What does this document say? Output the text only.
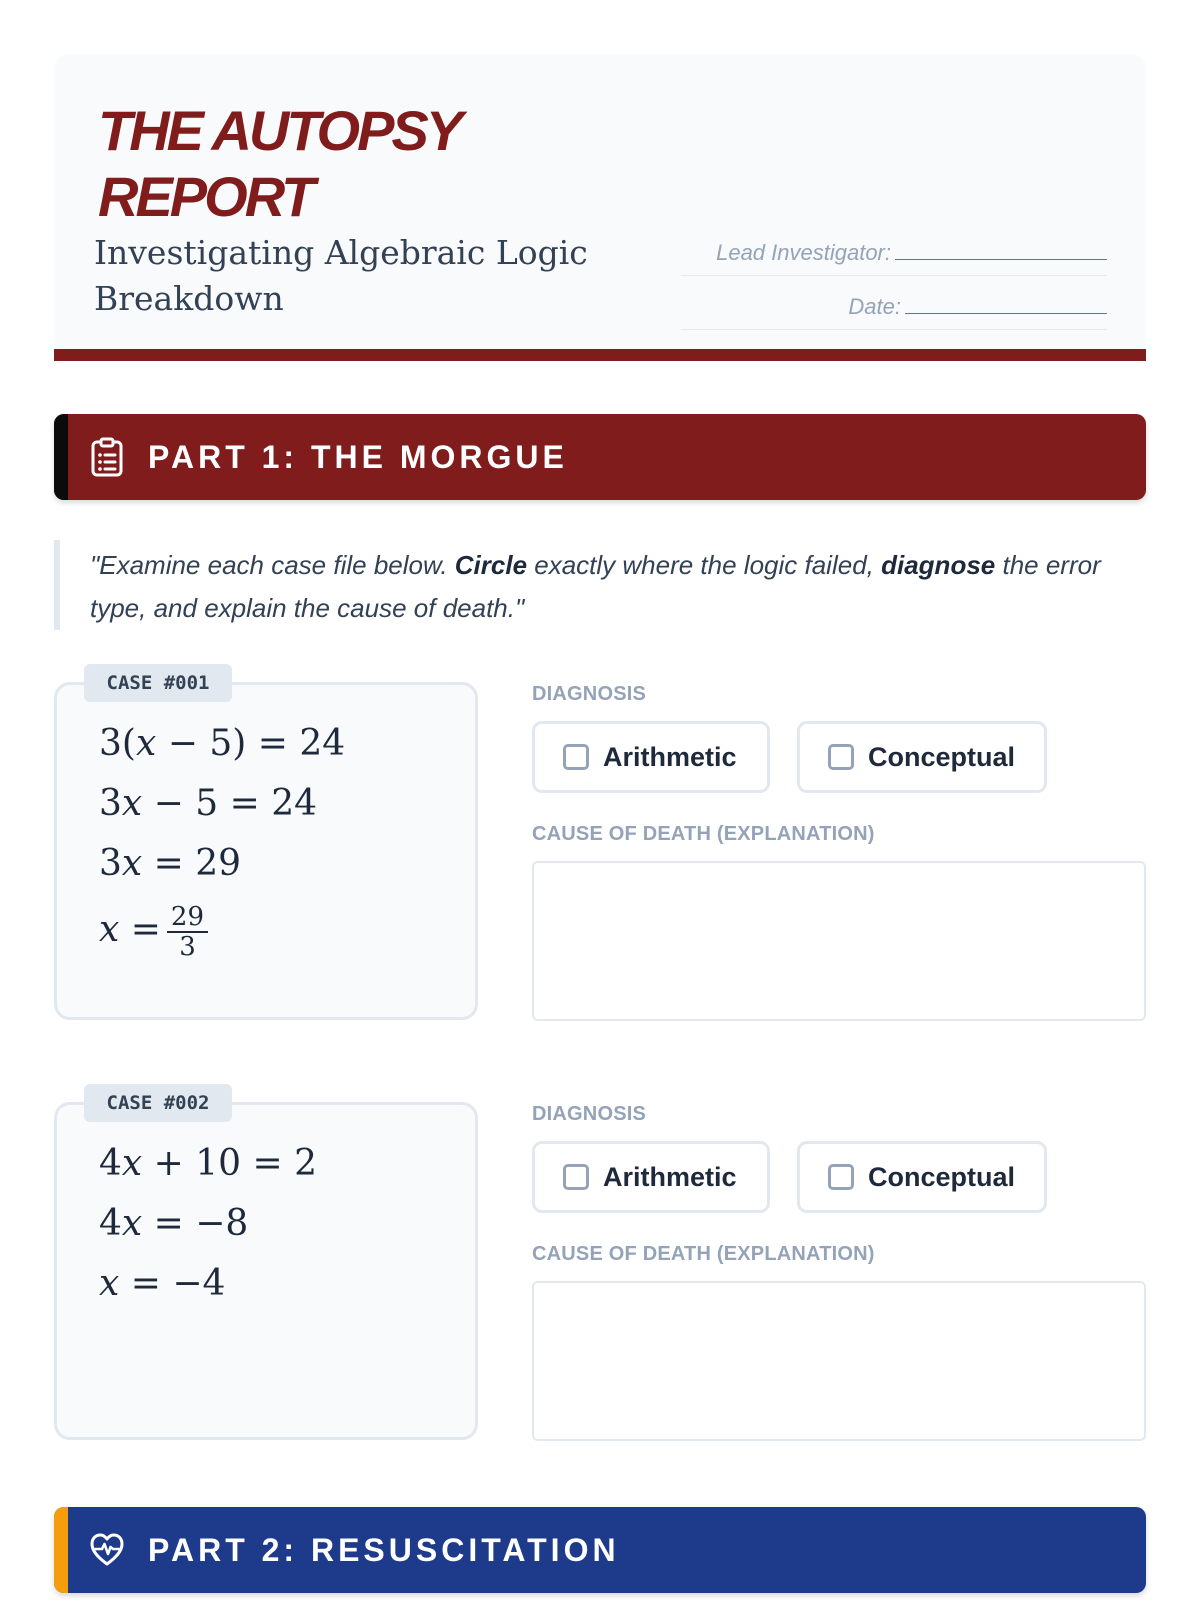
THE AUTOPSY REPORT
Investigating Algebraic Logic Breakdown
Lead Investigator:
Date:
PART 1: THE MORGUE
"Examine each case file below. Circle exactly where the logic failed, diagnose the error type, and explain the cause of death."
3(x − 5) = 24
3x − 5 = 24
3x = 29
$x = \frac{29}{3}$
CASE #001	DIAGNOSIS
Arithmetic	Conceptual
CAUSE OF DEATH (EXPLANATION)
4x + 10 = 2
4x = −8
x = −4
CASE #002	DIAGNOSIS
Arithmetic	Conceptual
CAUSE OF DEATH (EXPLANATION)
PART 2: RESUSCITATION
